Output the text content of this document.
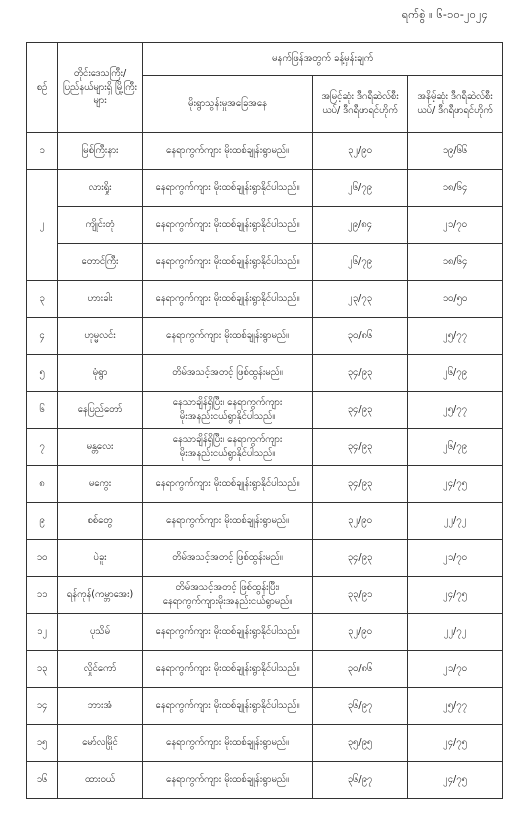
ရက်စွဲ ။ ၆-၁၀-၂၀၂၄
စဉ်	တိုင်းဒေသကြီး/ ပြည်နယ်များရှိ မြို့ကြီးများ	မနက်ဖြန်အတွက် ခန့်မှန်းချက်		
		မိုးရွာသွန်းမှုအခြေအနေ	အမြင့်ဆုံး ဒီဂရီဆဲလ်စီးယပ်/ ဒီဂရီဖာရင်ဟိုက်	အနိမ့်ဆုံး ဒီဂရီဆဲလ်စီးယပ်/ ဒီဂရီဖာရင်ဟိုက်
၁	မြစ်ကြီးနား	နေရာကွက်ကျား မိုးထစ်ချုန်းရွာမည်။	၃၂/၉၀	၁၉/၆၆
၂	လားရှိုး	နေရာကွက်ကျား မိုးထစ်ချုန်းရွာနိုင်ပါသည်။	၂၆/၇၉	၁၈/၆၄
	ကျိုင်းတုံ	နေရာကွက်ကျား မိုးထစ်ချုန်းရွာနိုင်ပါသည်။	၂၉/၈၄	၂၁/၇၀
	တောင်ကြီး	နေရာကွက်ကျား မိုးထစ်ချုန်းရွာနိုင်ပါသည်။	၂၆/၇၉	၁၈/၆၄
၃	ဟားခါး	နေရာကွက်ကျား မိုးထစ်ချုန်းရွာနိုင်ပါသည်။	၂၃/၇၃	၁၀/၅၀
၄	ဟုမ္မလင်း	နေရာကွက်ကျား မိုးထစ်ချုန်းရွာမည်။	၃၀/၈၆	၂၅/၇၇
၅	မုံရွာ	တိမ်အသင့်အတင့် ဖြစ်ထွန်းမည်။	၃၄/၉၃	၂၆/၇၉
၆	နေပြည်တော်	နေသာချိန်ရှိပြီး၊ နေရာကွက်ကျား
မိုးအနည်းငယ်ရွာနိုင်ပါသည်။	၃၄/၉၃	၂၅/၇၇
၇	မန္တလေး	နေသာချိန်ရှိပြီး၊ နေရာကွက်ကျား
မိုးအနည်းငယ်ရွာနိုင်ပါသည်။	၃၄/၉၃	၂၆/၇၉
၈	မကွေး	နေရာကွက်ကျား မိုးထစ်ချုန်းရွာနိုင်ပါသည်။	၃၄/၉၃	၂၄/၇၅
၉	စစ်တွေ	နေရာကွက်ကျား မိုးထစ်ချုန်းရွာမည်။	၃၂/၉၀	၂၂/၇၂
၁၀	ပဲခူး	တိမ်အသင့်အတင့် ဖြစ်ထွန်းမည်။	၃၄/၉၃	၂၁/၇၀
၁၁	ရန်ကုန်(ကမ္ဘာအေး)	တိမ်အသင့်အတင့် ဖြစ်ထွန်းပြီး၊
နေရာကွက်ကျားမိုးအနည်းငယ်ရွာမည်။	၃၃/၉၁	၂၄/၇၅
၁၂	ပုသိမ်	နေရာကွက်ကျား မိုးထစ်ချုန်းရွာနိုင်ပါသည်။	၃၂/၉၀	၂၂/၇၂
၁၃	လှိုင်ကော်	နေရာကွက်ကျား မိုးထစ်ချုန်းရွာနိုင်ပါသည်။	၃၀/၈၆	၂၁/၇၀
၁၄	ဘားအံ	နေရာကွက်ကျား မိုးထစ်ချုန်းရွာနိုင်ပါသည်။	၃၆/၉၇	၂၅/၇၇
၁၅	မော်လမြိုင်	နေရာကွက်ကျား မိုးထစ်ချုန်းရွာမည်။	၃၅/၉၅	၂၄/၇၅
၁၆	ထားဝယ်	နေရာကွက်ကျား မိုးထစ်ချုန်းရွာမည်။	၃၆/၉၇	၂၄/၇၅
